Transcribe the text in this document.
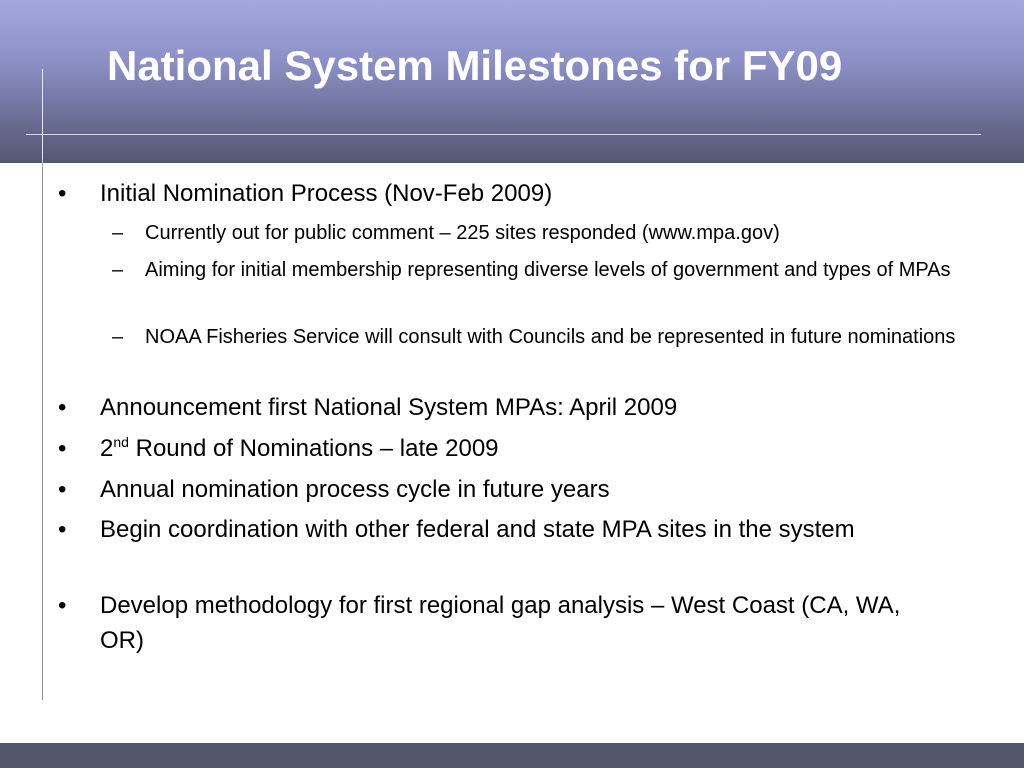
National System Milestones for FY09
• Initial Nomination Process (Nov-Feb 2009)
– Currently out for public comment – 225 sites responded (www.mpa.gov)
– Aiming for initial membership representing diverse levels of government and types of MPAs
– NOAA Fisheries Service will consult with Councils and be represented in future nominations
• Announcement first National System MPAs: April 2009
• 2nd Round of Nominations – late 2009
• Annual nomination process cycle in future years
• Begin coordination with other federal and state MPA sites in the system
• Develop methodology for first regional gap analysis – West Coast (CA, WA, OR)
